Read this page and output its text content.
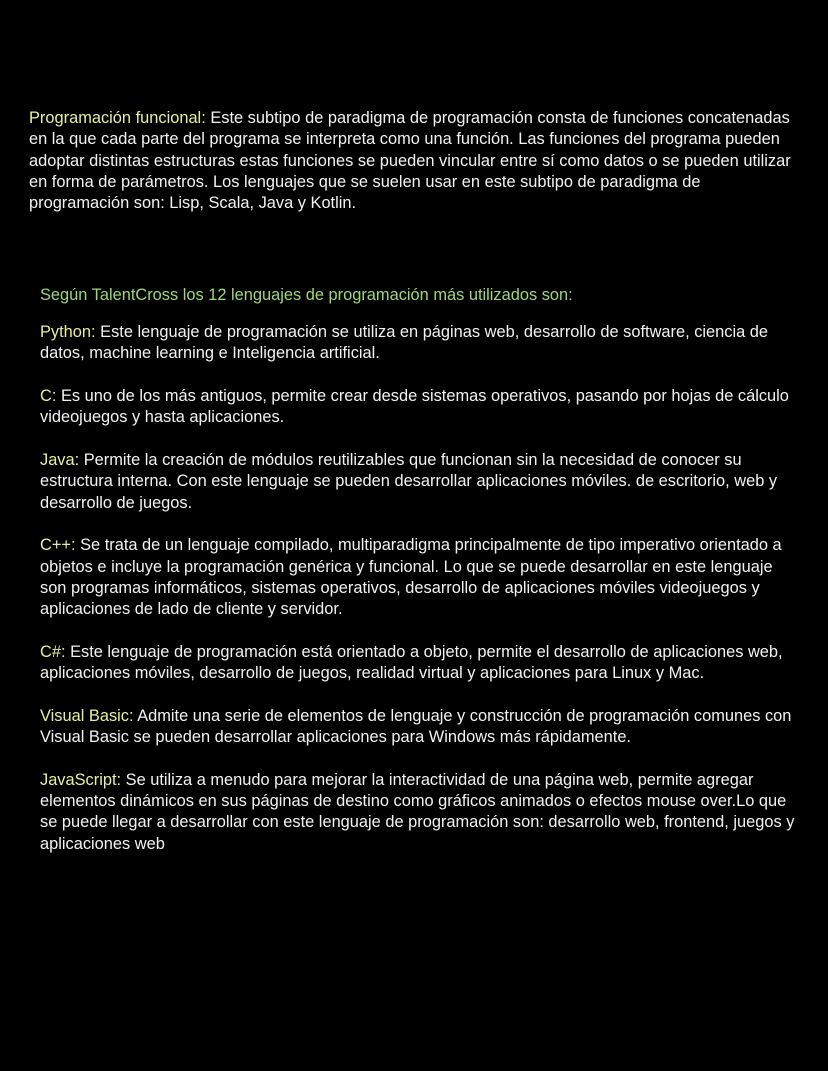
Programación funcional: Este subtipo de paradigma de programación consta de funciones concatenadas en la que cada parte del programa se interpreta como una función. Las funciones del programa pueden adoptar distintas estructuras estas funciones se pueden vincular entre sí como datos o se pueden utilizar en forma de parámetros. Los lenguajes que se suelen usar en este subtipo de paradigma de programación son: Lisp, Scala, Java y Kotlin.

Según TalentCross los 12 lenguajes de programación más utilizados son:

Python: Este lenguaje de programación se utiliza en páginas web, desarrollo de software, ciencia de datos, machine learning e Inteligencia artificial.
C: Es uno de los más antiguos, permite crear desde sistemas operativos, pasando por hojas de cálculo videojuegos y hasta aplicaciones.
Java: Permite la creación de módulos reutilizables que funcionan sin la necesidad de conocer su estructura interna. Con este lenguaje se pueden desarrollar aplicaciones móviles. de escritorio, web y desarrollo de juegos.
C++: Se trata de un lenguaje compilado, multiparadigma principalmente de tipo imperativo orientado a objetos e incluye la programación genérica y funcional. Lo que se puede desarrollar en este lenguaje son programas informáticos, sistemas operativos, desarrollo de aplicaciones móviles videojuegos y aplicaciones de lado de cliente y servidor.
C#: Este lenguaje de programación está orientado a objeto, permite el desarrollo de aplicaciones web, aplicaciones móviles, desarrollo de juegos, realidad virtual y aplicaciones para Linux y Mac.
Visual Basic: Admite una serie de elementos de lenguaje y construcción de programación comunes con Visual Basic se pueden desarrollar aplicaciones para Windows más rápidamente.
JavaScript: Se utiliza a menudo para mejorar la interactividad de una página web, permite agregar elementos dinámicos en sus páginas de destino como gráficos animados o efectos mouse over.Lo que se puede llegar a desarrollar con este lenguaje de programación son: desarrollo web, frontend, juegos y aplicaciones web
